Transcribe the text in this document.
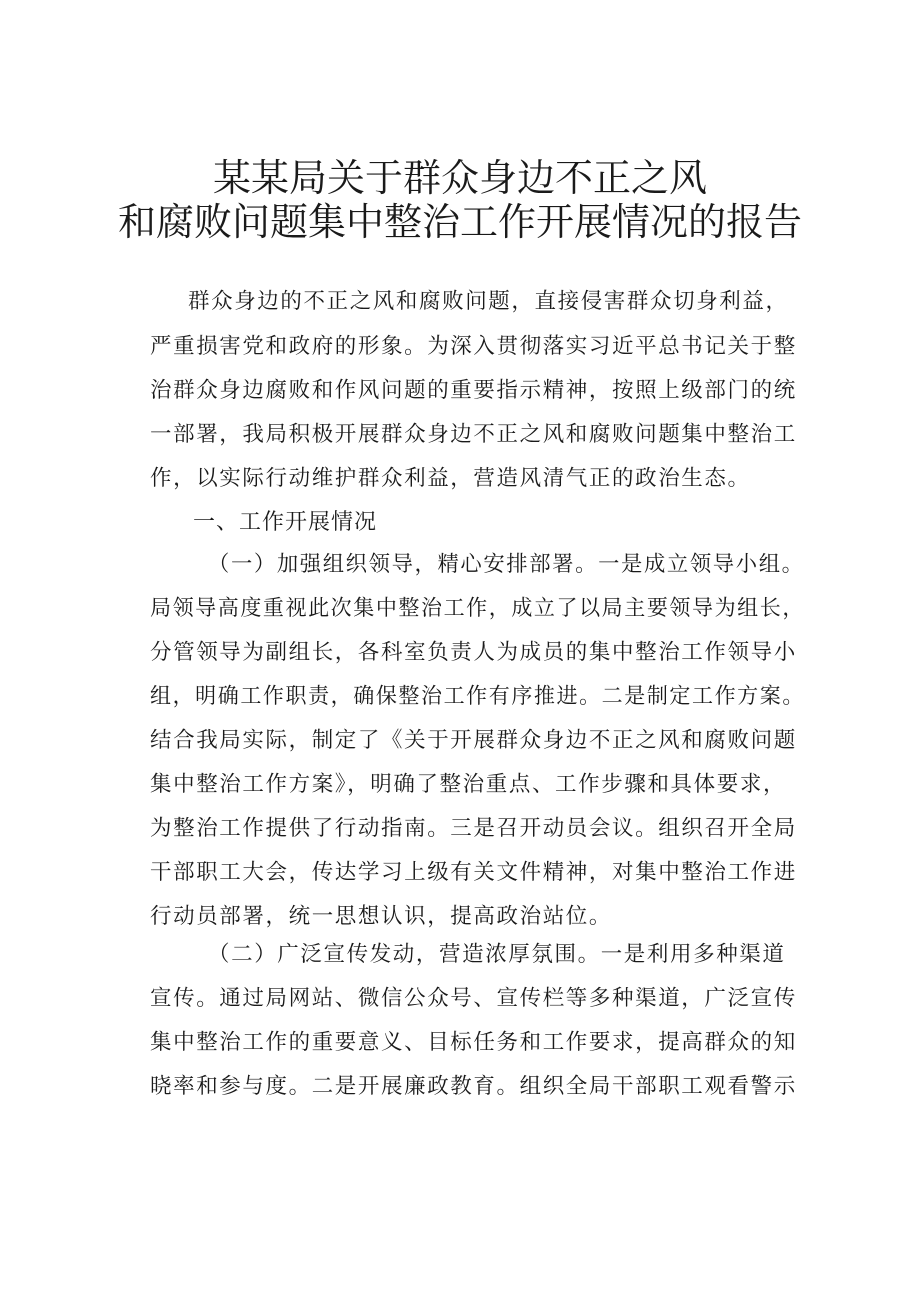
某某局关于群众身边不正之风
和腐败问题集中整治工作开展情况的报告
群众身边的不正之风和腐败问题，直接侵害群众切身利益，
严重损害党和政府的形象。为深入贯彻落实习近平总书记关于整
治群众身边腐败和作风问题的重要指示精神，按照上级部门的统
一部署，我局积极开展群众身边不正之风和腐败问题集中整治工
作，以实际行动维护群众利益，营造风清气正的政治生态。
一、工作开展情况
（一）加强组织领导，精心安排部署。一是成立领导小组。
局领导高度重视此次集中整治工作，成立了以局主要领导为组长，
分管领导为副组长，各科室负责人为成员的集中整治工作领导小
组，明确工作职责，确保整治工作有序推进。二是制定工作方案。
结合我局实际，制定了《关于开展群众身边不正之风和腐败问题
集中整治工作方案》，明确了整治重点、工作步骤和具体要求，
为整治工作提供了行动指南。三是召开动员会议。组织召开全局
干部职工大会，传达学习上级有关文件精神，对集中整治工作进
行动员部署，统一思想认识，提高政治站位。
（二）广泛宣传发动，营造浓厚氛围。一是利用多种渠道
宣传。通过局网站、微信公众号、宣传栏等多种渠道，广泛宣传
集中整治工作的重要意义、目标任务和工作要求，提高群众的知
晓率和参与度。二是开展廉政教育。组织全局干部职工观看警示
